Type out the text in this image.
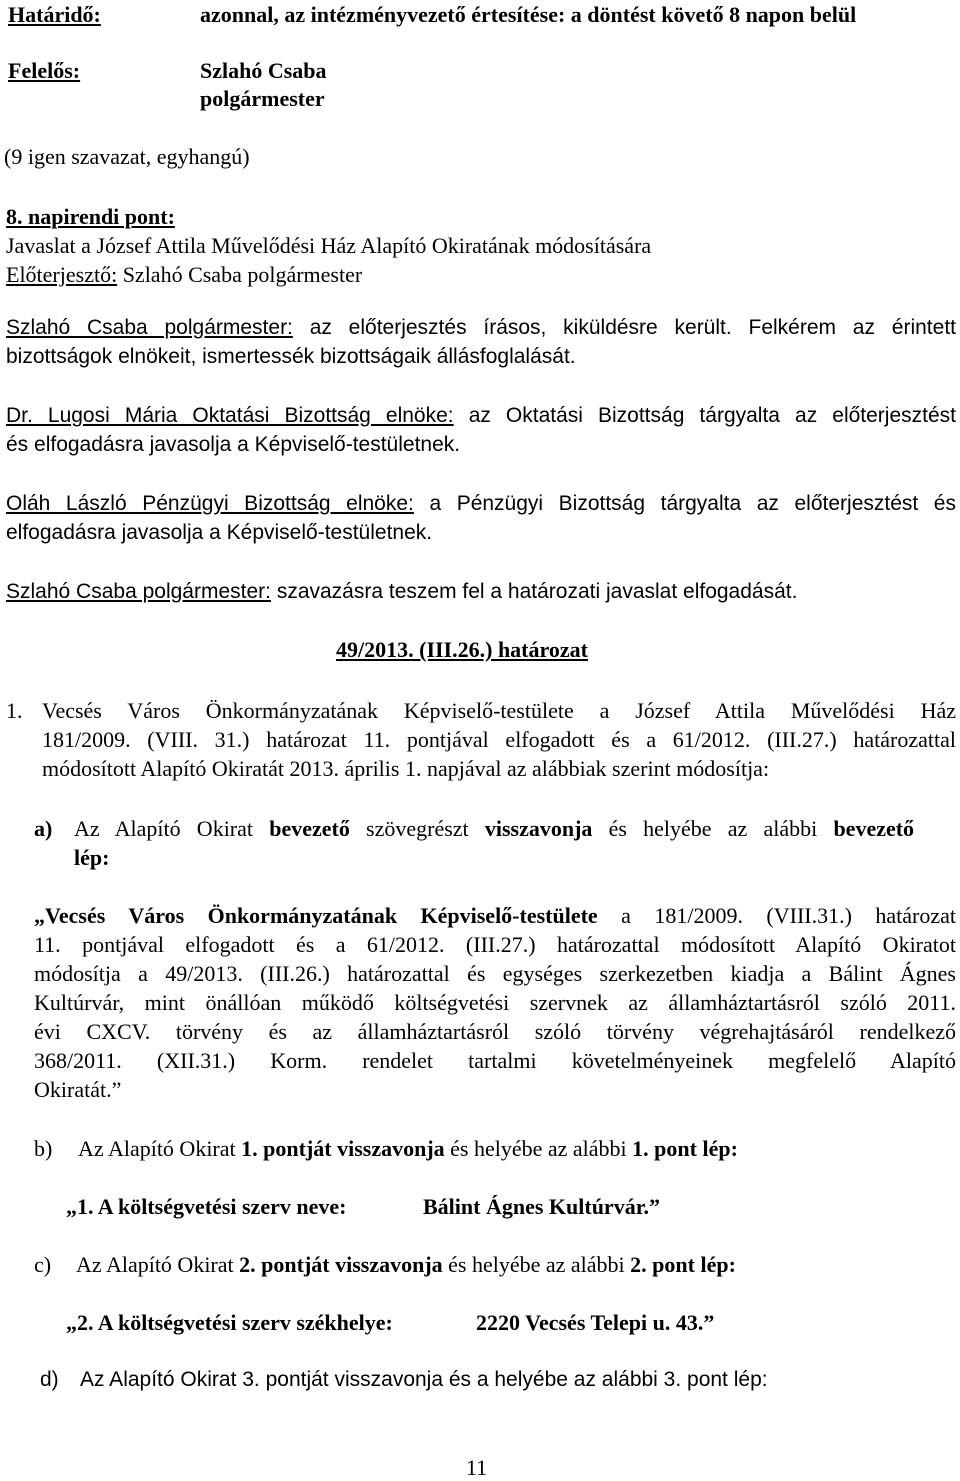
Határidő:	azonnal, az intézményvezető értesítése: a döntést követő 8 napon belül
Felelős:	Szlahó Csaba
polgármester
(9 igen szavazat, egyhangú)
8. napirendi pont:
Javaslat a József Attila Művelődési Ház Alapító Okiratának módosítására
Előterjesztő: Szlahó Csaba polgármester
Szlahó Csaba polgármester: az előterjesztés írásos, kiküldésre került. Felkérem az érintett
bizottságok elnökeit, ismertessék bizottságaik állásfoglalását.
Dr. Lugosi Mária Oktatási Bizottság elnöke: az Oktatási Bizottság tárgyalta az előterjesztést
és elfogadásra javasolja a Képviselő-testületnek.
Oláh László Pénzügyi Bizottság elnöke: a Pénzügyi Bizottság tárgyalta az előterjesztést és
elfogadásra javasolja a Képviselő-testületnek.
Szlahó Csaba polgármester: szavazásra teszem fel a határozati javaslat elfogadását.
49/2013. (III.26.) határozat
1. Vecsés Város Önkormányzatának Képviselő-testülete a József Attila Művelődési Ház
181/2009. (VIII. 31.) határozat 11. pontjával elfogadott és a 61/2012. (III.27.) határozattal
módosított Alapító Okiratát 2013. április 1. napjával az alábbiak szerint módosítja:
a) Az Alapító Okirat bevezető szövegrészt visszavonja és helyébe az alábbi bevezető
lép:
„Vecsés Város Önkormányzatának Képviselő-testülete a 181/2009. (VIII.31.) határozat
11. pontjával elfogadott és a 61/2012. (III.27.) határozattal módosított Alapító Okiratot
módosítja a 49/2013. (III.26.) határozattal és egységes szerkezetben kiadja a Bálint Ágnes
Kultúrvár, mint önállóan működő költségvetési szervnek az államháztartásról szóló 2011.
évi CXCV. törvény és az államháztartásról szóló törvény végrehajtásáról rendelkező
368/2011. (XII.31.) Korm. rendelet tartalmi követelményeinek megfelelő Alapító
Okiratát.”
b) Az Alapító Okirat 1. pontját visszavonja és helyébe az alábbi 1. pont lép:
„1. A költségvetési szerv neve:	Bálint Ágnes Kultúrvár.”
c) Az Alapító Okirat 2. pontját visszavonja és helyébe az alábbi 2. pont lép:
„2. A költségvetési szerv székhelye:	2220 Vecsés Telepi u. 43.”
d) Az Alapító Okirat 3. pontját visszavonja és a helyébe az alábbi 3. pont lép:
11
